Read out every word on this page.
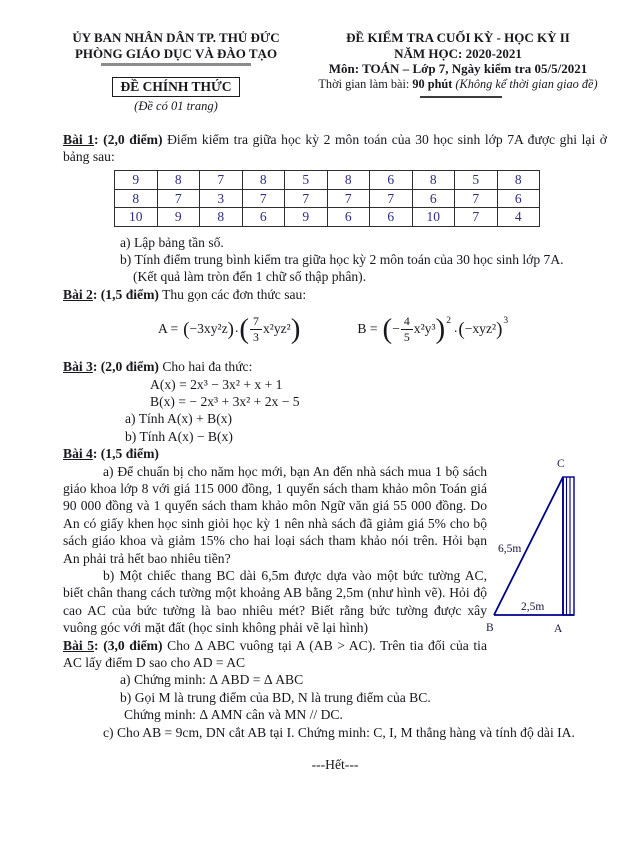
ỦY BAN NHÂN DÂN TP. THỦ ĐỨC
PHÒNG GIÁO DỤC VÀ ĐÀO TẠO
ĐỀ CHÍNH THỨC
(Đề có 01 trang)
ĐỀ KIỂM TRA CUỐI KỲ - HỌC KỲ II
NĂM HỌC: 2020-2021
Môn: TOÁN – Lớp 7, Ngày kiểm tra 05/5/2021
Thời gian làm bài: 90 phút (Không kể thời gian giao đề)

Bài 1: (2,0 điểm) Điểm kiểm tra giữa học kỳ 2 môn toán của 30 học sinh lớp 7A được ghi lại ở bảng sau:

9	8	7	8	5	8	6	8	5	8
8	7	3	7	7	7	7	6	7	6
10	9	8	6	9	6	6	10	7	4

a) Lập bảng tần số.

b) Tính điểm trung bình kiểm tra giữa học kỳ 2 môn toán của 30 học sinh lớp 7A.

(Kết quả làm tròn đến 1 chữ số thập phân).

Bài 2: (1,5 điểm) Thu gọn các đơn thức sau:

A = ( −3xy²z ) . ( $\frac{7}{3} x^2yz^2$ )	B = ( − $\frac{4}{5} x^2y^3$ ) 2 . ( −xyz² ) 3

Bài 3: (2,0 điểm) Cho hai đa thức:

A(x) = 2x³ − 3x² + x + 1

B(x) = − 2x³ + 3x² + 2x − 5

a) Tính A(x) + B(x)

b) Tính A(x) − B(x)

Bài 4: (1,5 điểm)

a) Để chuẩn bị cho năm học mới, bạn An đến nhà sách mua 1 bộ sách giáo khoa lớp 8 với giá 115 000 đồng, 1 quyển sách tham khảo môn Toán giá 90 000 đồng và 1 quyển sách tham khảo môn Ngữ văn giá 55 000 đồng. Do An có giấy khen học sinh giỏi học kỳ 1 nên nhà sách đã giảm giá 5% cho bộ sách giáo khoa và giảm 15% cho hai loại sách tham khảo nói trên. Hỏi bạn An phải trả hết bao nhiêu tiền?

b) Một chiếc thang BC dài 6,5m được dựa vào một bức tường AC, biết chân thang cách tường một khoảng AB bằng 2,5m (như hình vẽ). Hỏi độ cao AC của bức tường là bao nhiêu mét? Biết rằng bức tường được xây vuông góc với mặt đất (học sinh không phải vẽ lại hình)

Bài 5: (3,0 điểm) Cho Δ ABC vuông tại A (AB > AC). Trên tia đối của tia AC lấy điểm D sao cho AD = AC

C
B	A
6,5m
2,5m

a) Chứng minh: Δ ABD = Δ ABC

b) Gọi M là trung điểm của BD, N là trung điểm của BC.

Chứng minh: Δ AMN cân và MN // DC.

c) Cho AB = 9cm, DN cắt AB tại I. Chứng minh: C, I, M thẳng hàng và tính độ dài IA.

---Hết---
